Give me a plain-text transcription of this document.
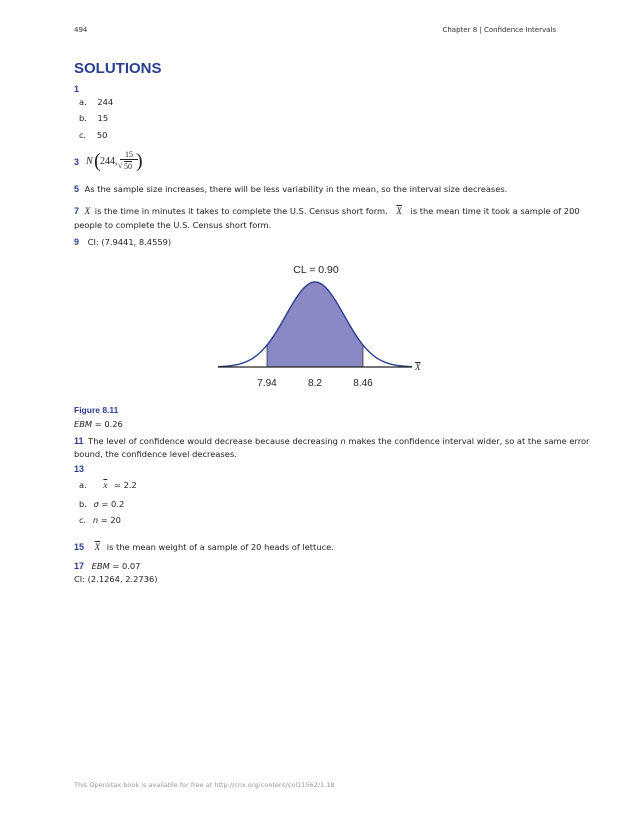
494	Chapter 8 | Confidence Intervals
SOLUTIONS
1
a. 244
b. 15
c. 50
3 N ( 244,
15
√ 50 )
5 As the sample size increases, there will be less variability in the mean, so the interval size decreases.
7 X is the time in minutes it takes to complete the U.S. Census short form. $\overline{X}$ is the mean time it took a sample of 200
people to complete the U.S. Census short form.
9 CI: (7.9441, 8.4559)
CL = 0.90
X
7.94	8.2	8.46
Figure 8.11
EBM = 0.26
11 The level of confidence would decrease because decreasing n makes the confidence interval wider, so at the same error
bound, the confidence level decreases.
13
a. $\overline{x} = 2.2$
b. σ = 0.2
c. n = 20
15 $\overline{X}$ is the mean weight of a sample of 20 heads of lettuce.
17 EBM = 0.07
CI: (2.1264, 2.2736)
This OpenStax book is available for free at http://cnx.org/content/col11562/1.18
